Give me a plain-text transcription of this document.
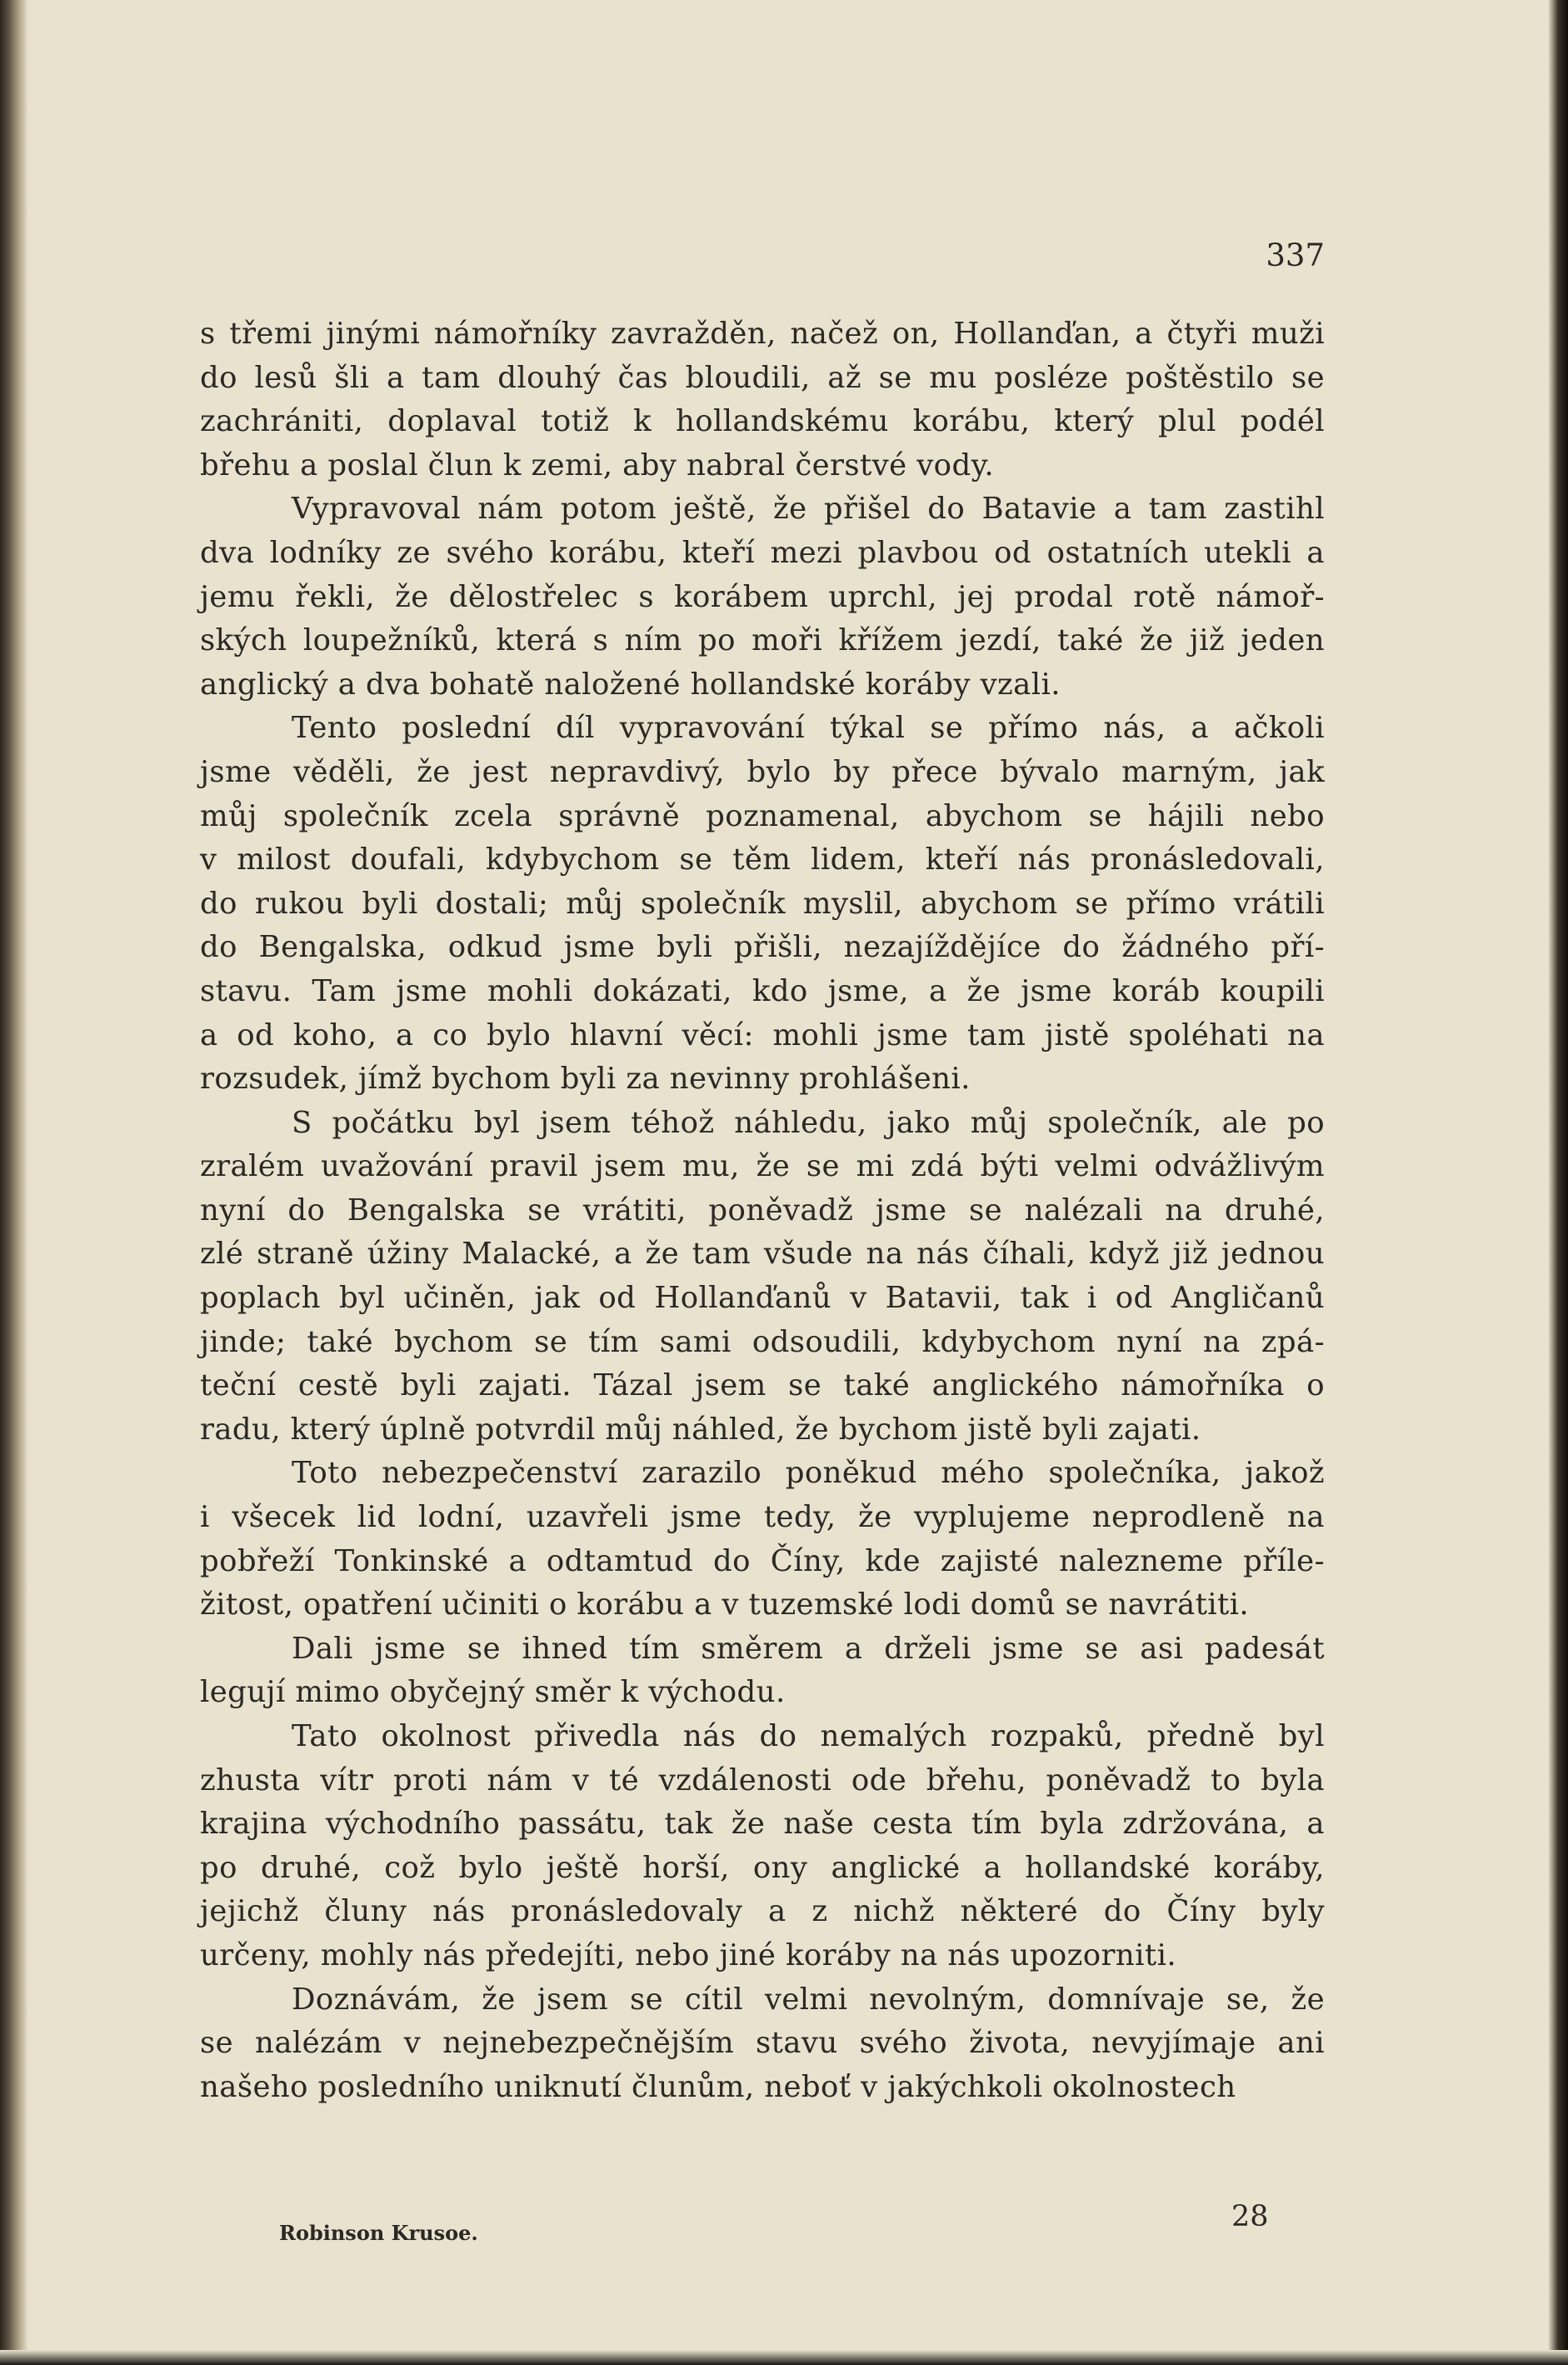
337
s třemi jinými námořníky zavražděn, načež on, Hollanďan, a čtyři muži
do lesů šli a tam dlouhý čas bloudili, až se mu posléze poštěstilo se
zachrániti, doplaval totiž k hollandskému korábu, který plul podél
břehu a poslal člun k zemi, aby nabral čerstvé vody.
Vypravoval nám potom ještě, že přišel do Batavie a tam zastihl
dva lodníky ze svého korábu, kteří mezi plavbou od ostatních utekli a
jemu řekli, že dělostřelec s korábem uprchl, jej prodal rotě námoř-
ských loupežníků, která s ním po moři křížem jezdí, také že již jeden
anglický a dva bohatě naložené hollandské koráby vzali.
Tento poslední díl vypravování týkal se přímo nás, a ačkoli
jsme věděli, že jest nepravdivý, bylo by přece bývalo marným, jak
můj společník zcela správně poznamenal, abychom se hájili nebo
v milost doufali, kdybychom se těm lidem, kteří nás pronásledovali,
do rukou byli dostali; můj společník myslil, abychom se přímo vrátili
do Bengalska, odkud jsme byli přišli, nezajíždějíce do žádného pří-
stavu. Tam jsme mohli dokázati, kdo jsme, a že jsme koráb koupili
a od koho, a co bylo hlavní věcí: mohli jsme tam jistě spoléhati na
rozsudek, jímž bychom byli za nevinny prohlášeni.
S počátku byl jsem téhož náhledu, jako můj společník, ale po
zralém uvažování pravil jsem mu, že se mi zdá býti velmi odvážlivým
nyní do Bengalska se vrátiti, poněvadž jsme se nalézali na druhé,
zlé straně úžiny Malacké, a že tam všude na nás číhali, když již jednou
poplach byl učiněn, jak od Hollanďanů v Batavii, tak i od Angličanů
jinde; také bychom se tím sami odsoudili, kdybychom nyní na zpá-
teční cestě byli zajati. Tázal jsem se také anglického námořníka o
radu, který úplně potvrdil můj náhled, že bychom jistě byli zajati.
Toto nebezpečenství zarazilo poněkud mého společníka, jakož
i všecek lid lodní, uzavřeli jsme tedy, že vyplujeme neprodleně na
pobřeží Tonkinské a odtamtud do Číny, kde zajisté nalezneme příle-
žitost, opatření učiniti o korábu a v tuzemské lodi domů se navrátiti.
Dali jsme se ihned tím směrem a drželi jsme se asi padesát
legují mimo obyčejný směr k východu.
Tato okolnost přivedla nás do nemalých rozpaků, předně byl
zhusta vítr proti nám v té vzdálenosti ode břehu, poněvadž to byla
krajina východního passátu, tak že naše cesta tím byla zdržována, a
po druhé, což bylo ještě horší, ony anglické a hollandské koráby,
jejichž čluny nás pronásledovaly a z nichž některé do Číny byly
určeny, mohly nás předejíti, nebo jiné koráby na nás upozorniti.
Doznávám, že jsem se cítil velmi nevolným, domnívaje se, že
se nalézám v nejnebezpečnějším stavu svého života, nevyjímaje ani
našeho posledního uniknutí člunům, neboť v jakýchkoli okolnostech
Robinson Krusoe.	28
